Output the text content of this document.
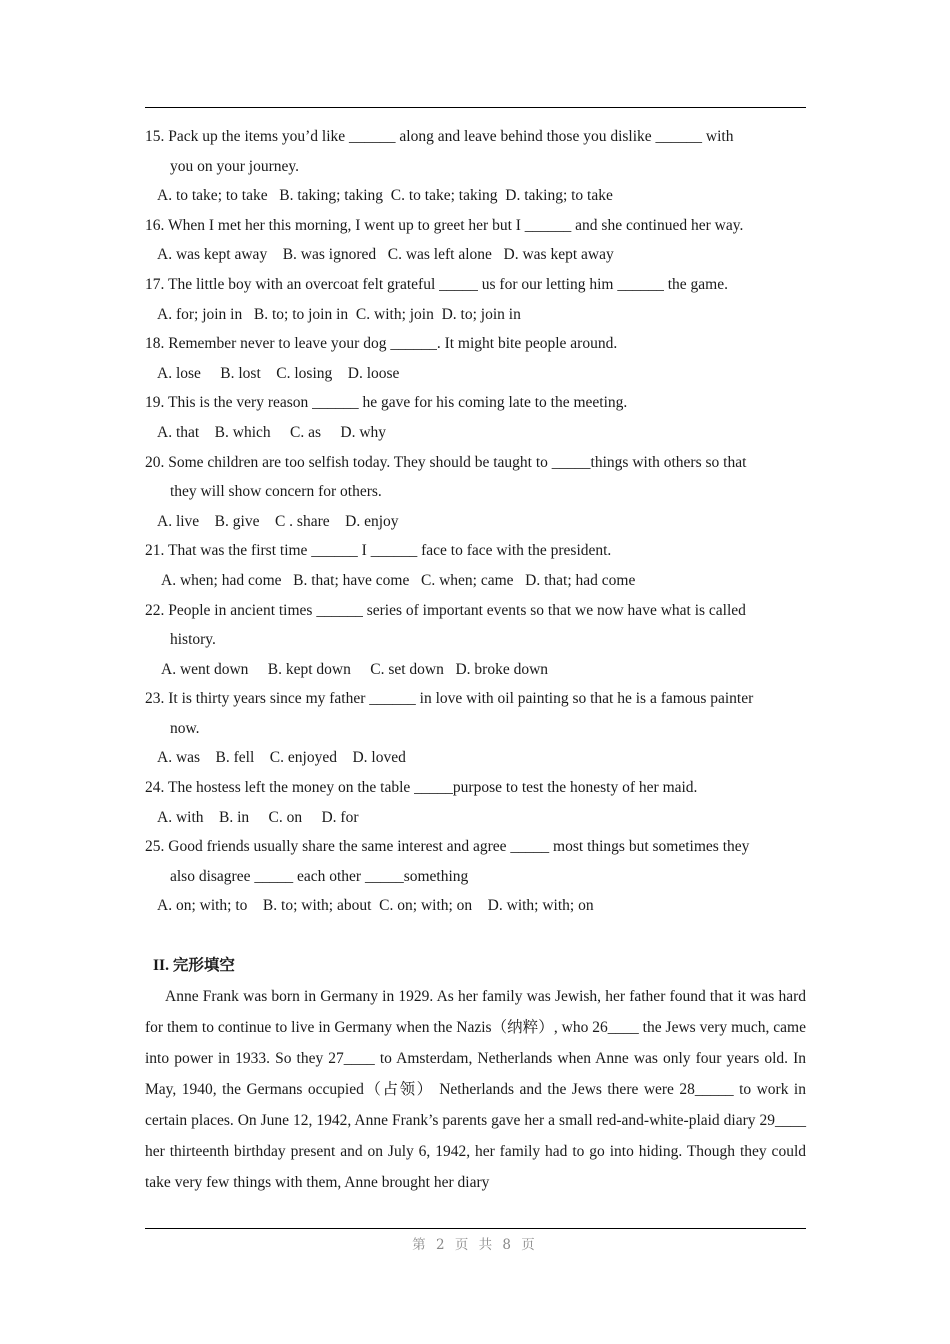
15. Pack up the items you’d like ______ along and leave behind those you dislike ______ with
you on your journey.
A. to take; to take   B. taking; taking  C. to take; taking  D. taking; to take
16. When I met her this morning, I went up to greet her but I ______ and she continued her way.
A. was kept away    B. was ignored   C. was left alone   D. was kept away
17. The little boy with an overcoat felt grateful _____ us for our letting him ______ the game.
A. for; join in   B. to; to join in  C. with; join  D. to; join in
18. Remember never to leave your dog ______. It might bite people around.
A. lose     B. lost    C. losing    D. loose
19. This is the very reason ______ he gave for his coming late to the meeting.
A. that    B. which     C. as     D. why
20. Some children are too selfish today. They should be taught to _____things with others so that
they will show concern for others.
A. live    B. give    C . share    D. enjoy
21. That was the first time ______ I ______ face to face with the president.
A. when; had come   B. that; have come   C. when; came   D. that; had come
22. People in ancient times ______ series of important events so that we now have what is called
history.
A. went down     B. kept down     C. set down   D. broke down
23. It is thirty years since my father ______ in love with oil painting so that he is a famous painter
now.
A. was    B. fell    C. enjoyed    D. loved
24. The hostess left the money on the table _____purpose to test the honesty of her maid.
A. with    B. in     C. on     D. for
25. Good friends usually share the same interest and agree _____ most things but sometimes they
also disagree _____ each other _____something
A. on; with; to    B. to; with; about  C. on; with; on    D. with; with; on
II. 完形填空
Anne Frank was born in Germany in 1929. As her family was Jewish, her father found that it was hard for them to continue to live in Germany when the Nazis（纳粹）, who 26____ the Jews very much, came into power in 1933. So they 27____ to Amsterdam, Netherlands when Anne was only four years old. In May, 1940, the Germans occupied（占领） Netherlands and the Jews there were 28_____ to work in certain places. On June 12, 1942, Anne Frank’s parents gave her a small red-and-white-plaid diary 29____ her thirteenth birthday present and on July 6, 1942, her family had to go into hiding. Though they could take very few things with them, Anne brought her diary
第 2 页 共 8 页
